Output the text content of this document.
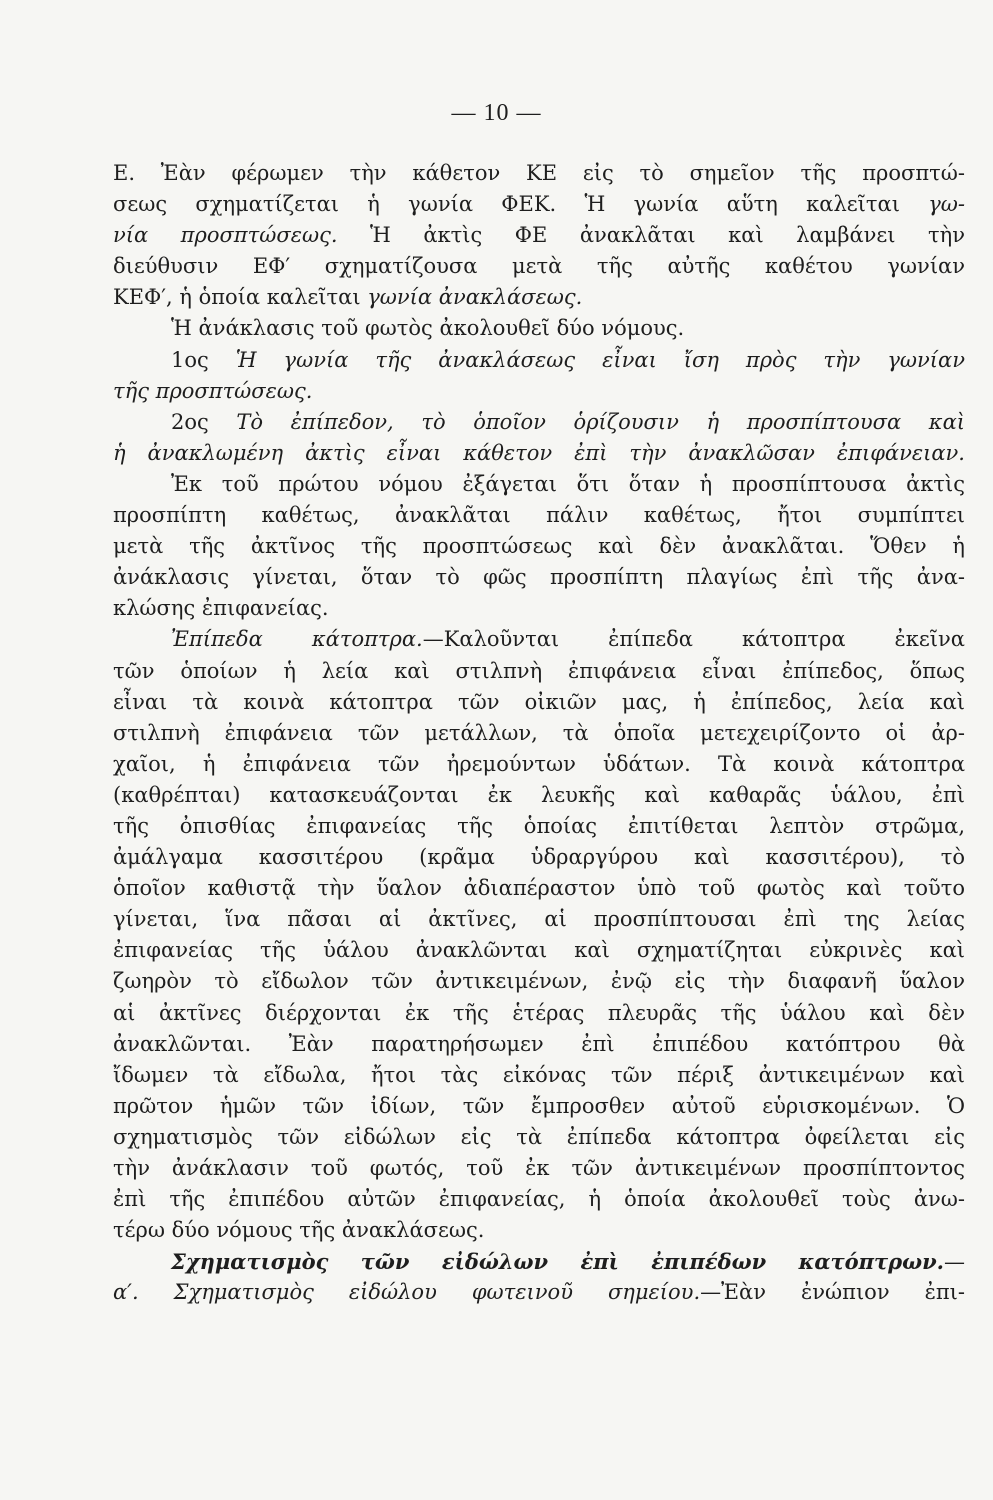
— 10 —
Ε. Ἐὰν φέρωμεν τὴν κάθετον ΚΕ εἰς τὸ σημεῖον τῆς προσπτώ-
σεως σχηματίζεται ἡ γωνία ΦΕΚ. Ἡ γωνία αὕτη καλεῖται γω-
νία προσπτώσεως. Ἡ ἀκτὶς ΦΕ ἀνακλᾶται καὶ λαμβάνει τὴν
διεύθυσιν ΕΦ′ σχηματίζουσα μετὰ τῆς αὐτῆς καθέτου γωνίαν
ΚΕΦ′, ἡ ὁποία καλεῖται γωνία ἀνακλάσεως.
Ἡ ἀνάκλασις τοῦ φωτὸς ἀκολουθεῖ δύο νόμους.
1ος Ἡ γωνία τῆς ἀνακλάσεως εἶναι ἴση πρὸς τὴν γωνίαν
τῆς προσπτώσεως.
2ος Τὸ ἐπίπεδον, τὸ ὁποῖον ὁρίζουσιν ἡ προσπίπτουσα καὶ
ἡ ἀνακλωμένη ἀκτὶς εἶναι κάθετον ἐπὶ τὴν ἀνακλῶσαν ἐπιφάνειαν.
Ἐκ τοῦ πρώτου νόμου ἐξάγεται ὅτι ὅταν ἡ προσπίπτουσα ἀκτὶς
προσπίπτη καθέτως, ἀνακλᾶται πάλιν καθέτως, ἤτοι συμπίπτει
μετὰ τῆς ἀκτῖνος τῆς προσπτώσεως καὶ δὲν ἀνακλᾶται. Ὅθεν ἡ
ἀνάκλασις γίνεται, ὅταν τὸ φῶς προσπίπτη πλαγίως ἐπὶ τῆς ἀνα-
κλώσης ἐπιφανείας.
Ἐπίπεδα κάτοπτρα.—Καλοῦνται ἐπίπεδα κάτοπτρα ἐκεῖνα
τῶν ὁποίων ἡ λεία καὶ στιλπνὴ ἐπιφάνεια εἶναι ἐπίπεδος, ὅπως
εἶναι τὰ κοινὰ κάτοπτρα τῶν οἰκιῶν μας, ἡ ἐπίπεδος, λεία καὶ
στιλπνὴ ἐπιφάνεια τῶν μετάλλων, τὰ ὁποῖα μετεχειρίζοντο οἱ ἀρ-
χαῖοι, ἡ ἐπιφάνεια τῶν ἠρεμούντων ὑδάτων. Τὰ κοινὰ κάτοπτρα
(καθρέπται) κατασκευάζονται ἐκ λευκῆς καὶ καθαρᾶς ὑάλου, ἐπὶ
τῆς ὀπισθίας ἐπιφανείας τῆς ὁποίας ἐπιτίθεται λεπτὸν στρῶμα,
ἀμάλγαμα κασσιτέρου (κρᾶμα ὑδραργύρου καὶ κασσιτέρου), τὸ
ὁποῖον καθιστᾷ τὴν ὕαλον ἀδιαπέραστον ὑπὸ τοῦ φωτὸς καὶ τοῦτο
γίνεται, ἵνα πᾶσαι αἱ ἀκτῖνες, αἱ προσπίπτουσαι ἐπὶ της λείας
ἐπιφανείας τῆς ὑάλου ἀνακλῶνται καὶ σχηματίζηται εὐκρινὲς καὶ
ζωηρὸν τὸ εἴδωλον τῶν ἀντικειμένων, ἐνῷ εἰς τὴν διαφανῆ ὕαλον
αἱ ἀκτῖνες διέρχονται ἐκ τῆς ἑτέρας πλευρᾶς τῆς ὑάλου καὶ δὲν
ἀνακλῶνται. Ἐὰν παρατηρήσωμεν ἐπὶ ἐπιπέδου κατόπτρου θὰ
ἴδωμεν τὰ εἴδωλα, ἤτοι τὰς εἰκόνας τῶν πέριξ ἀντικειμένων καὶ
πρῶτον ἡμῶν τῶν ἰδίων, τῶν ἔμπροσθεν αὐτοῦ εὑρισκομένων. Ὁ
σχηματισμὸς τῶν εἰδώλων εἰς τὰ ἐπίπεδα κάτοπτρα ὀφείλεται εἰς
τὴν ἀνάκλασιν τοῦ φωτός, τοῦ ἐκ τῶν ἀντικειμένων προσπίπτοντος
ἐπὶ τῆς ἐπιπέδου αὐτῶν ἐπιφανείας, ἡ ὁποία ἀκολουθεῖ τοὺς ἀνω-
τέρω δύο νόμους τῆς ἀνακλάσεως.
Σχηματισμὸς τῶν εἰδώλων ἐπὶ ἐπιπέδων κατόπτρων.—
α′. Σχηματισμὸς εἰδώλου φωτεινοῦ σημείου.—Ἐὰν ἐνώπιον ἐπι-
